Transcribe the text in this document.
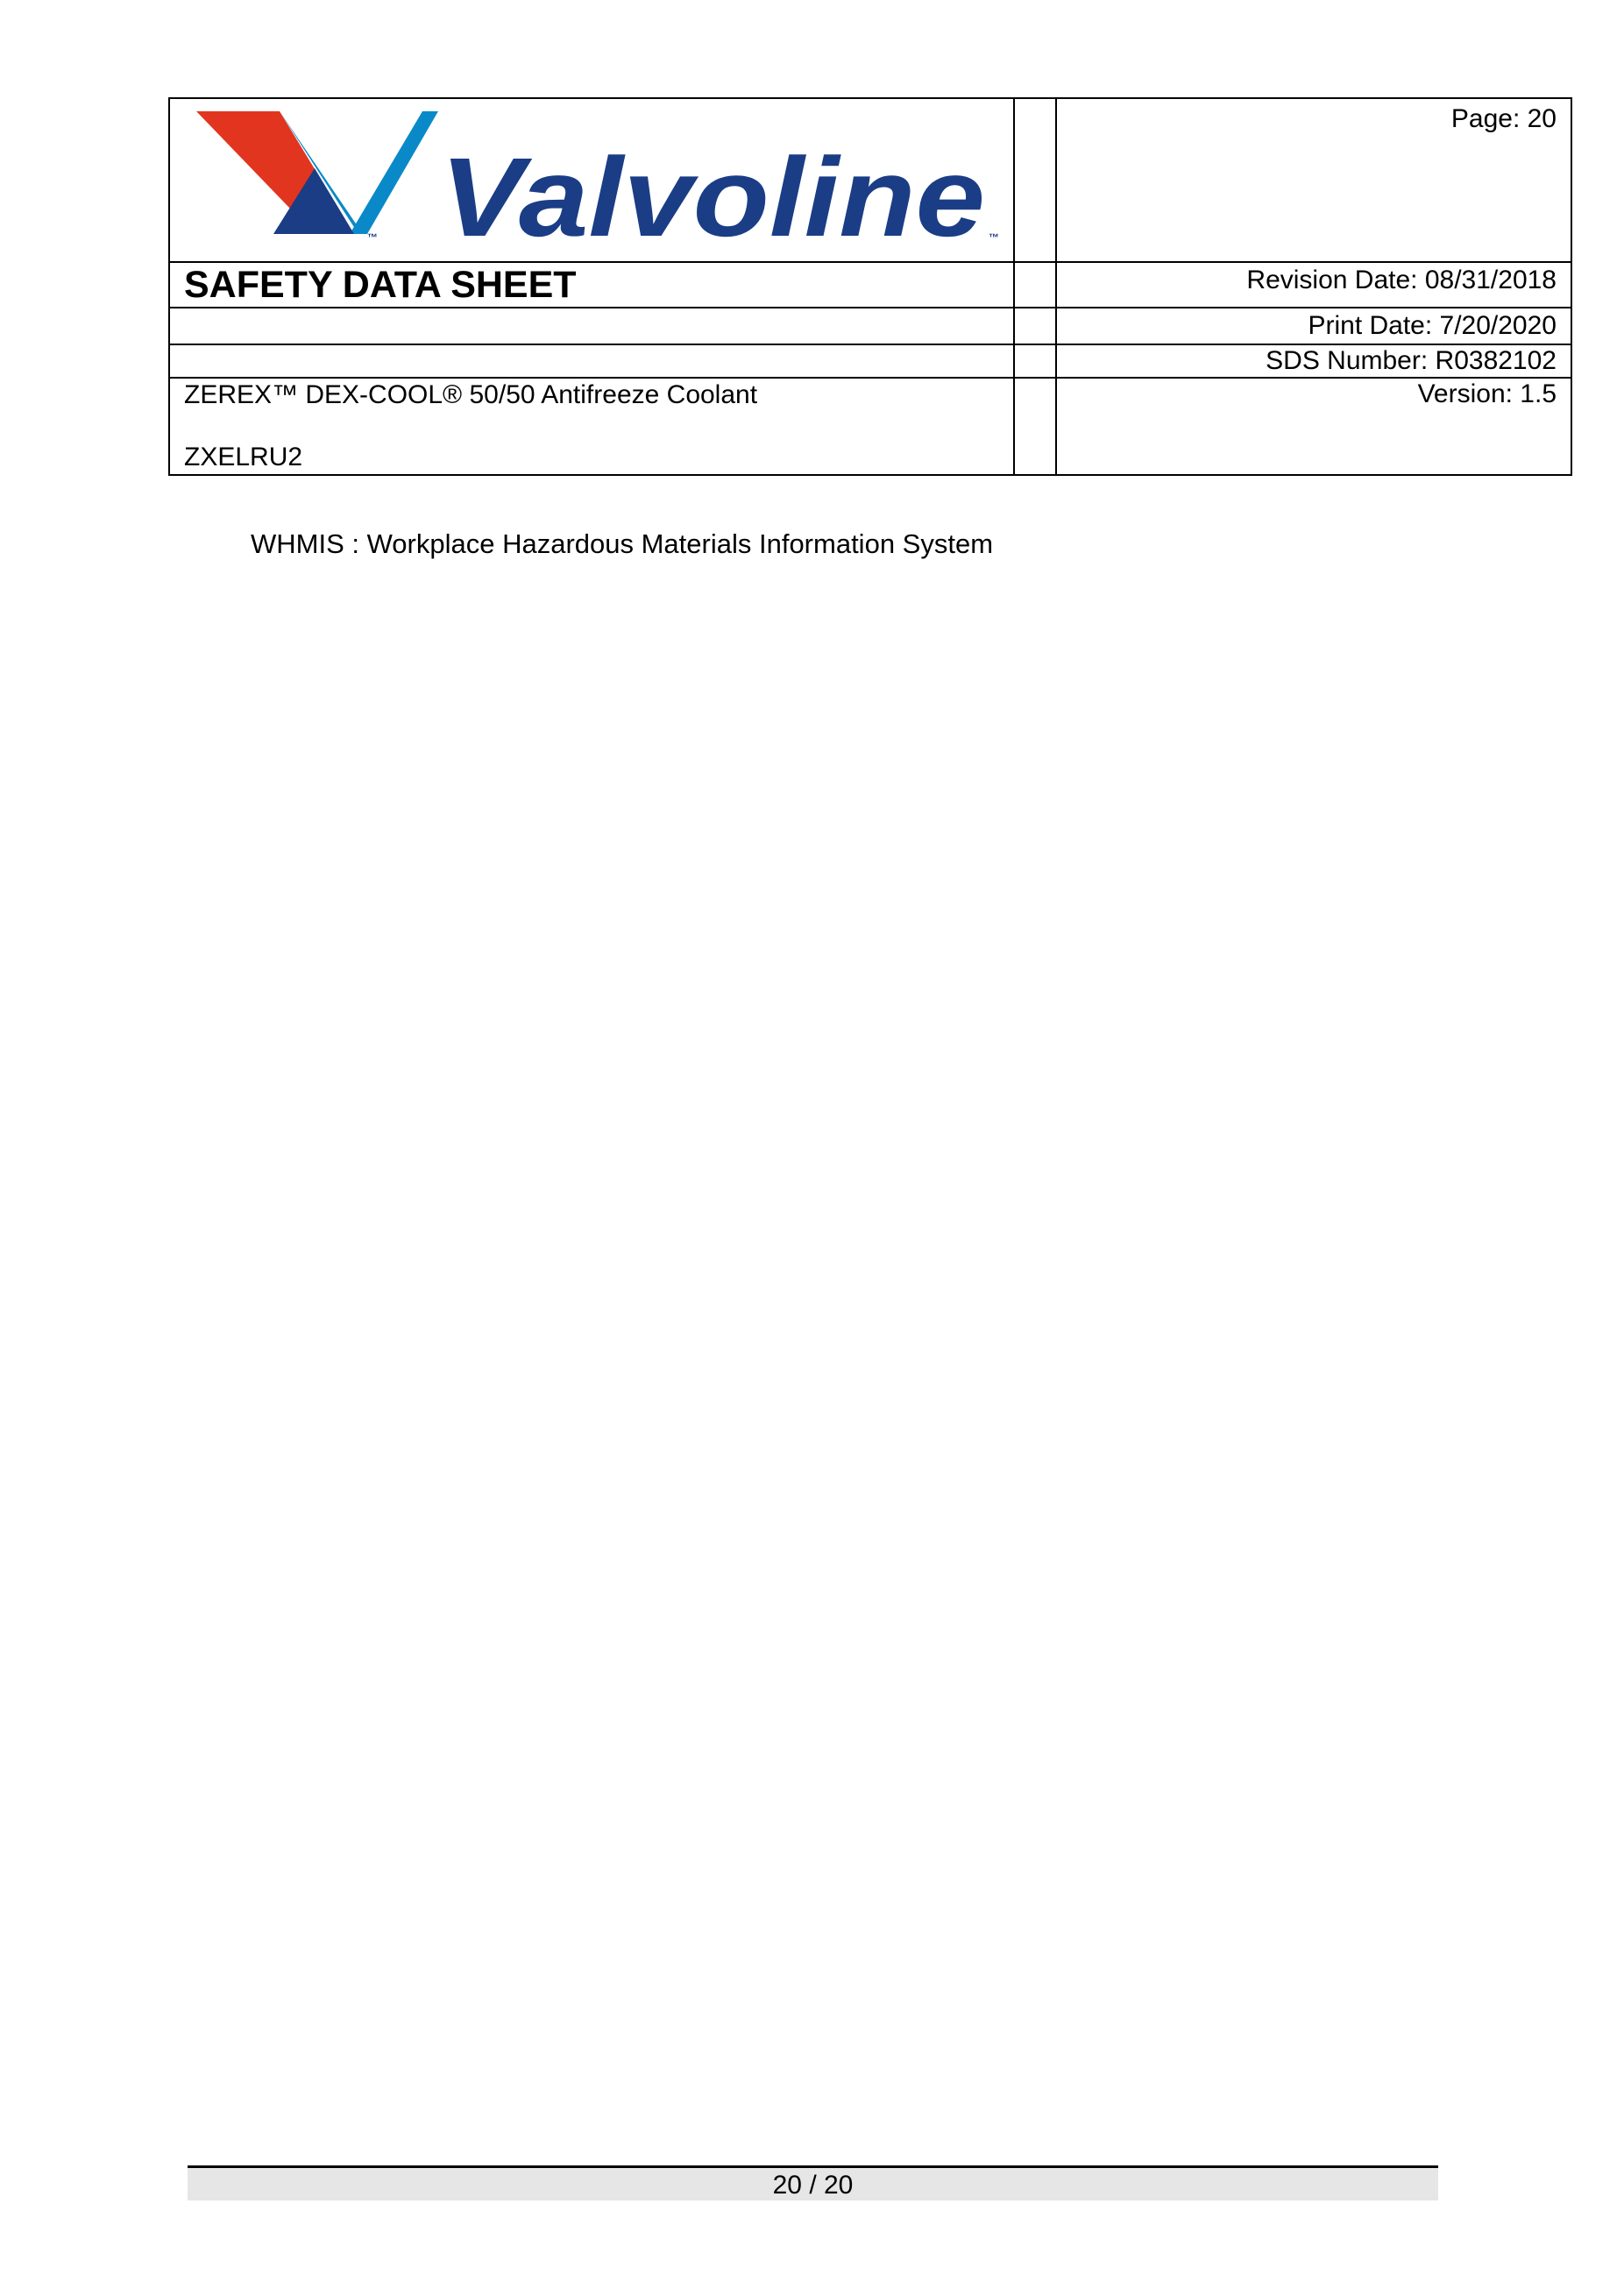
™ Valvoline ™		Page: 20

SAFETY DATA SHEET		Revision Date: 08/31/2018
		Print Date: 7/20/2020
		SDS Number: R0382102

ZEREX™ DEX-COOL® 50/50 Antifreeze Coolant
ZXELRU2		Version: 1.5
WHMIS : Workplace Hazardous Materials Information System
20 / 20
